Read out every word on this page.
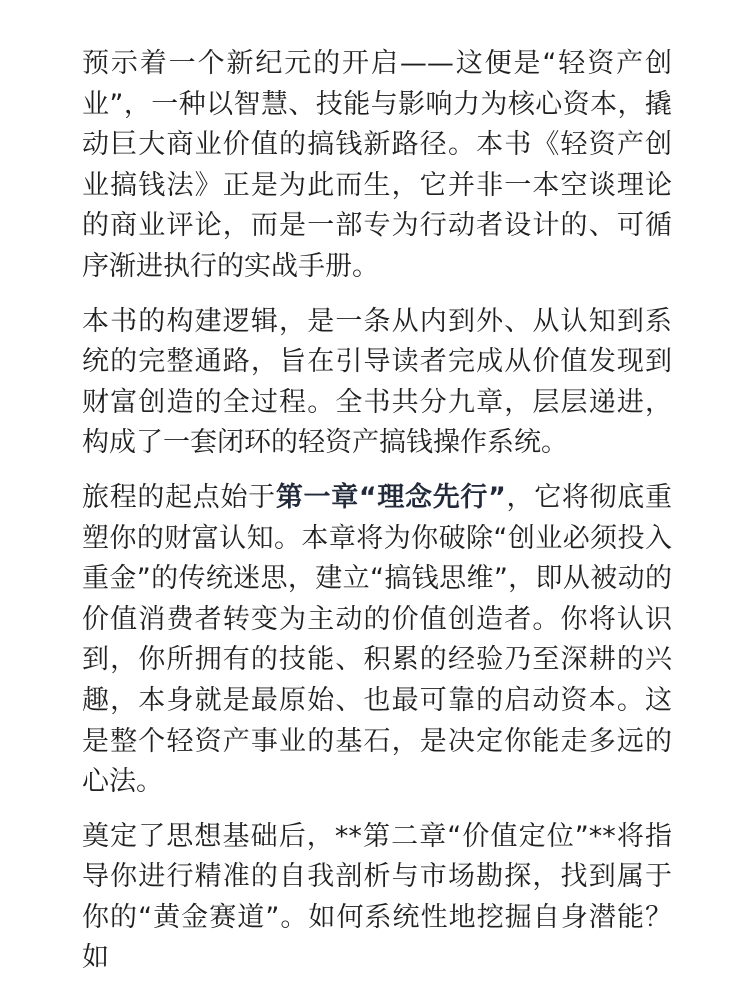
预示着一个新纪元的开启——这便是“轻资产创业”，一种以智慧、技能与影响力为核心资本，撬动巨大商业价值的搞钱新路径。本书《轻资产创业搞钱法》正是为此而生，它并非一本空谈理论的商业评论，而是一部专为行动者设计的、可循序渐进执行的实战手册。

本书的构建逻辑，是一条从内到外、从认知到系统的完整通路，旨在引导读者完成从价值发现到财富创造的全过程。全书共分九章，层层递进，构成了一套闭环的轻资产搞钱操作系统。

旅程的起点始于第一章“理念先行”，它将彻底重塑你的财富认知。本章将为你破除“创业必须投入重金”的传统迷思，建立“搞钱思维”，即从被动的价值消费者转变为主动的价值创造者。你将认识到，你所拥有的技能、积累的经验乃至深耕的兴趣，本身就是最原始、也最可靠的启动资本。这是整个轻资产事业的基石，是决定你能走多远的心法。

奠定了思想基础后，**第二章“价值定位”**将指导你进行精准的自我剖析与市场勘探，找到属于你的“黄金赛道”。如何系统性地挖掘自身潜能？如
